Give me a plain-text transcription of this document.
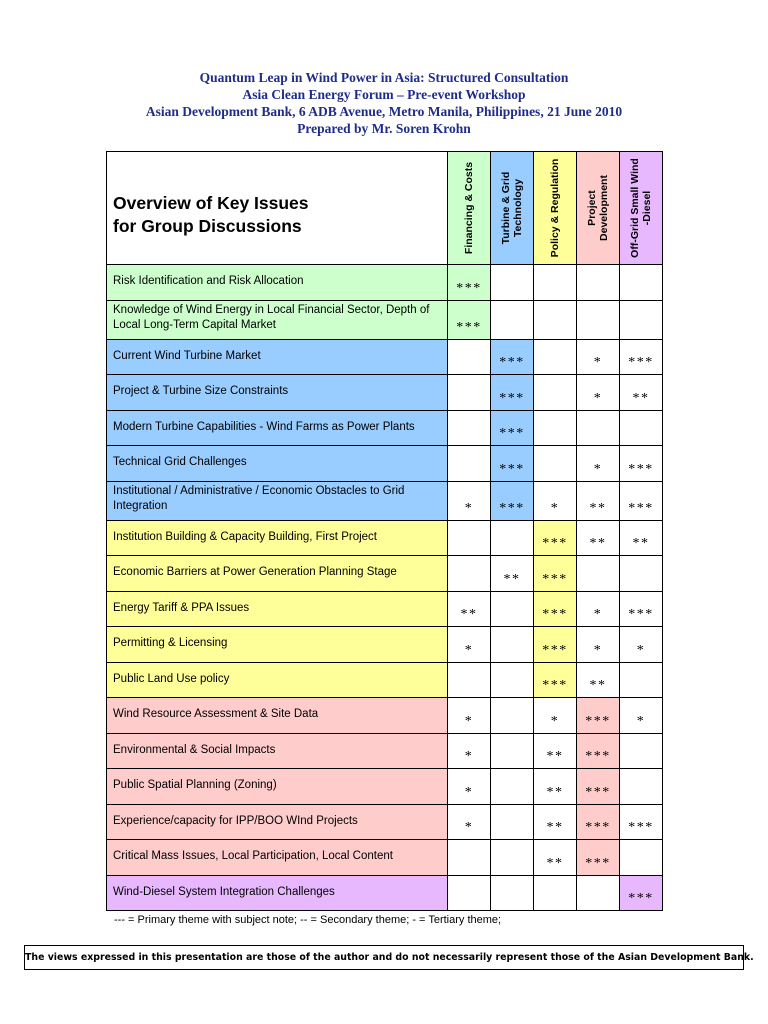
Quantum Leap in Wind Power in Asia: Structured Consultation
Asia Clean Energy Forum – Pre-event Workshop
Asian Development Bank, 6 ADB Avenue, Metro Manila, Philippines, 21 June 2010
Prepared by Mr. Soren Krohn
Overview of Key Issues
for Group Discussions	Financing & Costs	Turbine & Grid Technology	Policy & Regulation	Project Development	Off-Grid Small Wind -Diesel

Risk Identification and Risk Allocation	***				
Knowledge of Wind Energy in Local Financial Sector, Depth of Local Long-Term Capital Market	***				
Current Wind Turbine Market		***		*	***
Project & Turbine Size Constraints		***		*	**
Modern Turbine Capabilities - Wind Farms as Power Plants		***			
Technical Grid Challenges		***		*	***
Institutional / Administrative / Economic Obstacles to Grid Integration	*	***	*	**	***
Institution Building & Capacity Building, First Project			***	**	**
Economic Barriers at Power Generation Planning Stage		**	***		
Energy Tariff & PPA Issues	**		***	*	***
Permitting & Licensing	*		***	*	*
Public Land Use policy			***	**	
Wind Resource Assessment & Site Data	*		*	***	*
Environmental & Social Impacts	*		**	***	
Public Spatial Planning (Zoning)	*		**	***	
Experience/capacity for IPP/BOO WInd Projects	*		**	***	***
Critical Mass Issues, Local Participation, Local Content			**	***	
Wind-Diesel System Integration Challenges					***
--- = Primary theme with subject note; -- = Secondary theme; - = Tertiary theme;
The views expressed in this presentation are those of the author and do not necessarily represent those of the Asian Development Bank.
